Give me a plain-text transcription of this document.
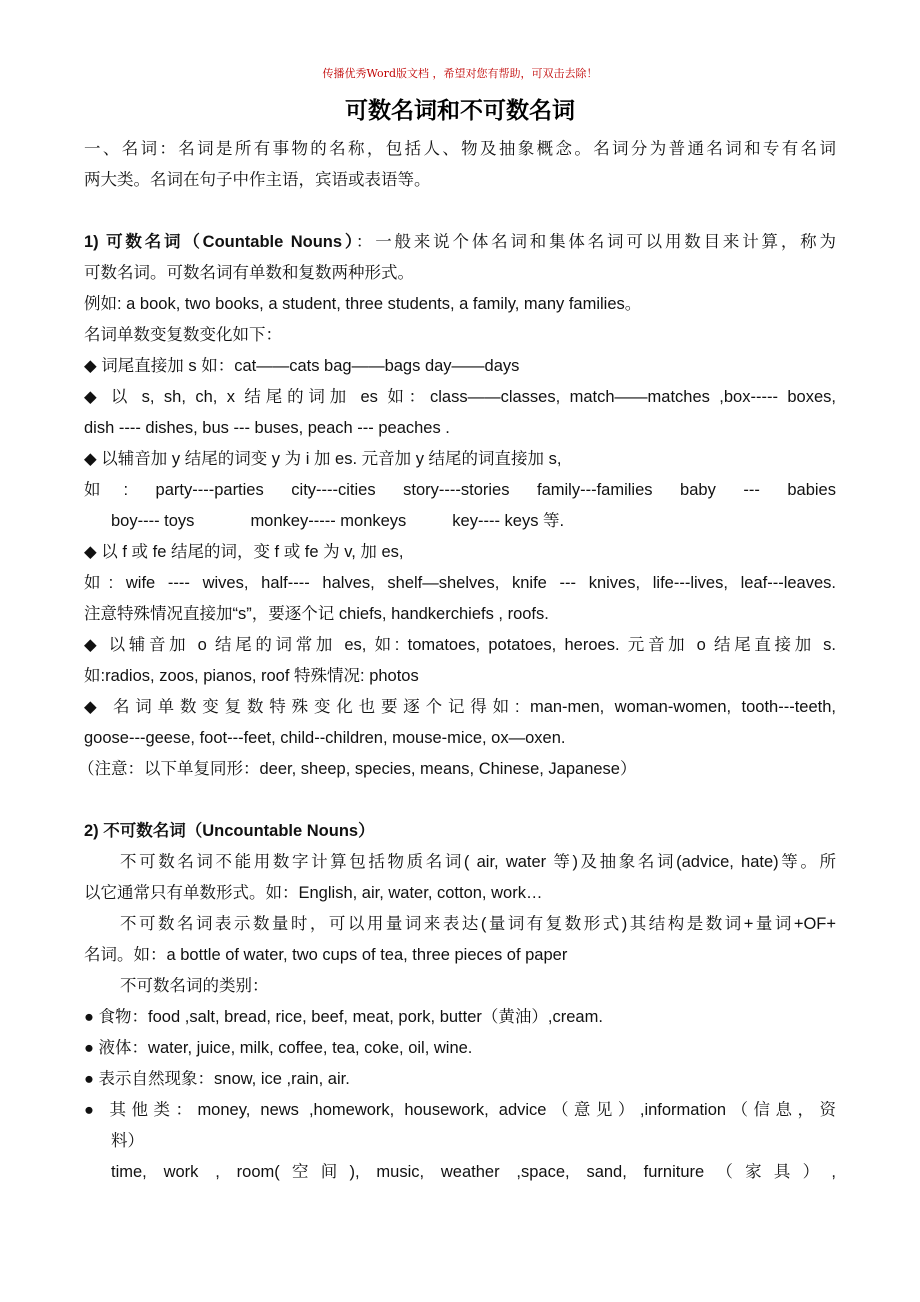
传播优秀Word版文档 ，希望对您有帮助，可双击去除！
可数名词和不可数名词
一、名词：名词是所有事物的名称，包括人、物及抽象概念。名词分为普通名词和专有名词
两大类。名词在句子中作主语，宾语或表语等。
1) 可数名词（Countable Nouns）：一般来说个体名词和集体名词可以用数目来计算，称为
可数名词。可数名词有单数和复数两种形式。
例如: a book, two books, a student, three students, a family, many families。
名词单数变复数变化如下：
◆ 词尾直接加 s 如：cat——cats bag——bags day——days
◆ 以 s, sh, ch, x 结尾的词加 es 如：class——classes, match——matches ,box----- boxes,
dish ---- dishes, bus --- buses, peach --- peaches .
◆ 以辅音加 y 结尾的词变 y 为 i 加 es. 元音加 y 结尾的词直接加 s,
如: party----parties city----cities story----stories family---families baby --- babies
boy---- toys	monkey----- monkeys	key---- keys 等.
◆ 以 f 或 fe 结尾的词，变 f 或 fe 为 v, 加 es,
如: wife ---- wives, half---- halves, shelf—shelves, knife --- knives, life---lives, leaf---leaves.
注意特殊情况直接加“s”，要逐个记 chiefs, handkerchiefs , roofs.
◆ 以辅音加 o 结尾的词常加 es, 如: tomatoes, potatoes, heroes. 元音加 o 结尾直接加 s.
如:radios, zoos, pianos, roof 特殊情况: photos
◆ 名词单数变复数特殊变化也要逐个记得如: man-men, woman-women, tooth---teeth,
goose---geese, foot---feet, child--children, mouse-mice, ox—oxen.
（注意：以下单复同形：deer, sheep, species, means, Chinese, Japanese）
2) 不可数名词（Uncountable Nouns）
不可数名词不能用数字计算包括物质名词( air, water 等)及抽象名词(advice, hate)等。所
以它通常只有单数形式。如：English, air, water, cotton, work…
不可数名词表示数量时，可以用量词来表达(量词有复数形式)其结构是数词+量词+OF+
名词。如：a bottle of water, two cups of tea, three pieces of paper
不可数名词的类别：
● 食物：food ,salt, bread, rice, beef, meat, pork, butter（黄油）,cream.
● 液体：water, juice, milk, coffee, tea, coke, oil, wine.
● 表示自然现象：snow, ice ,rain, air.
● 其他类：money, news ,homework, housework, advice（意见）,information（信息，资
料）
time, work , room(空间), music, weather ,space, sand, furniture（家具）,
